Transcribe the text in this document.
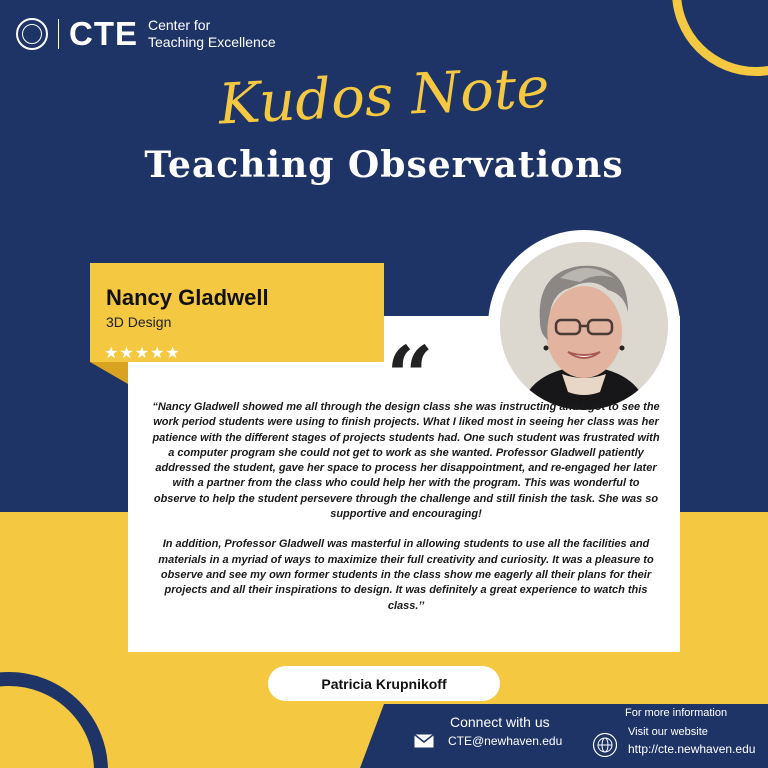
CTE Center for
Teaching Excellence
Kudos Note
Teaching Observations
Nancy Gladwell
3D Design
★★★★★	“

“Nancy Gladwell showed me all through the design class she was instructing and I got to see the work period students were using to finish projects. What I liked most in seeing her class was her patience with the different stages of projects students had. One such student was frustrated with a computer program she could not get to work as she wanted. Professor Gladwell patiently addressed the student, gave her space to process her disappointment, and re-engaged her later with a partner from the class who could help her with the program. This was wonderful to observe to help the student persevere through the challenge and still finish the task. She was so supportive and encouraging!

In addition, Professor Gladwell was masterful in allowing students to use all the facilities and materials in a myriad of ways to maximize their full creativity and curiosity. It was a pleasure to observe and see my own former students in the class show me eagerly all their plans for their projects and all their inspirations to design. It was definitely a great experience to watch this class.’’

Patricia Krupnikoff
Connect with us
CTE@newhaven.edu
For more information
Visit our website
http://cte.newhaven.edu
